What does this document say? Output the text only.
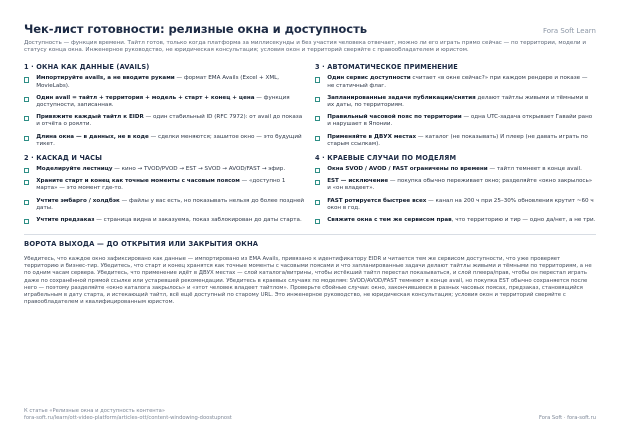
Чек-лист готовности: релизные окна и доступность	Fora Soft Learn
Доступность — функция времени. Тайтл готов, только когда платформа за миллисекунды и без участия человека отвечает, можно ли его играть прямо сейчас — по территории, модели и статусу конца окна. Инженерное руководство, не юридическая консультация; условия окон и территорий сверяйте с правообладателем и юристом.
1 · ОКНА КАК ДАННЫЕ (AVAILS)
Импортируйте avails, а не вводите руками — формат EMA Avails (Excel + XML, MovieLabs).
Один avail = тайтл + территория + модель + старт + конец + цена — функция доступности, записанная.
Привяжите каждый тайтл к EIDR — один стабильный ID (RFC 7972): от avail до показа и отчёта о роялти.
Длина окна — в данных, не в коде — сделки меняются; зашитое окно — это будущий тикет.
2 · КАСКАД И ЧАСЫ
Моделируйте лестницу — кино → TVOD/PVOD → EST → SVOD → AVOD/FAST → эфир.
Храните старт и конец как точные моменты с часовым поясом — «доступно 1 марта» — это момент где-то.
Учтите эмбарго / холдбэк — файлы у вас есть, но показывать нельзя до более поздней даты.
Учтите предзаказ — страница видна и заказуема, показ заблокирован до даты старта.
3 · АВТОМАТИЧЕСКОЕ ПРИМЕНЕНИЕ
Один сервис доступности считает «в окне сейчас?» при каждом рендере и показе — не статичный флаг.
Запланированные задачи публикации/снятия делают тайтлы живыми и тёмными в их даты, по территориям.
Правильный часовой пояс по территории — одна UTC-задача открывает Гавайи рано и нарушает в Японии.
Применяйте в ДВУХ местах — каталог (не показывать) И плеер (не давать играть по старым ссылкам).
4 · КРАЕВЫЕ СЛУЧАИ ПО МОДЕЛЯМ
Окна SVOD / AVOD / FAST ограничены по времени — тайтл темнеет в конце avail.
EST — исключение — покупка обычно переживает окно; разделяйте «окно закрылось» и «он владеет».
FAST ротируется быстрее всех — канал на 200 ч при 25–30% обновления крутит ~60 ч окон в год.
Свяжите окна с тем же сервисом прав, что территорию и тир — одно да/нет, а не три.
ВОРОТА ВЫХОДА — ДО ОТКРЫТИЯ ИЛИ ЗАКРЫТИЯ ОКНА
Убедитесь, что каждое окно зафиксировано как данные — импортировано из EMA Avails, привязано к идентификатору EIDR и читается тем же сервисом доступности, что уже проверяет территорию и бизнес-тир. Убедитесь, что старт и конец хранятся как точные моменты с часовыми поясами и что запланированные задачи делают тайтлы живыми и тёмными по территориям, а не по одним часам сервера. Убедитесь, что применение идёт в ДВУХ местах — слой каталога/витрины, чтобы истёкший тайтл перестал показываться, и слой плеера/прав, чтобы он перестал играть даже по сохранённой прямой ссылке или устаревшей рекомендации. Убедитесь в краевых случаях по моделям: SVOD/AVOD/FAST темнеют в конце avail, но покупка EST обычно сохраняется после него — поэтому разделяйте «окно каталога закрылось» и «этот человек владеет тайтлом». Проверьте сбойные случаи: окно, закончившееся в разных часовых поясах, предзаказ, становящийся играбельным в дату старта, и истекающий тайтл, всё ещё доступный по старому URL. Это инженерное руководство, не юридическая консультация; условия окон и территорий сверяйте с правообладателем и квалифицированным юристом.
К статье «Релизные окна и доступность контента»
fora-soft.ru/learn/ott-video-platform/articles-ott/content-windowing-doostupnost	Fora Soft · fora-soft.ru
